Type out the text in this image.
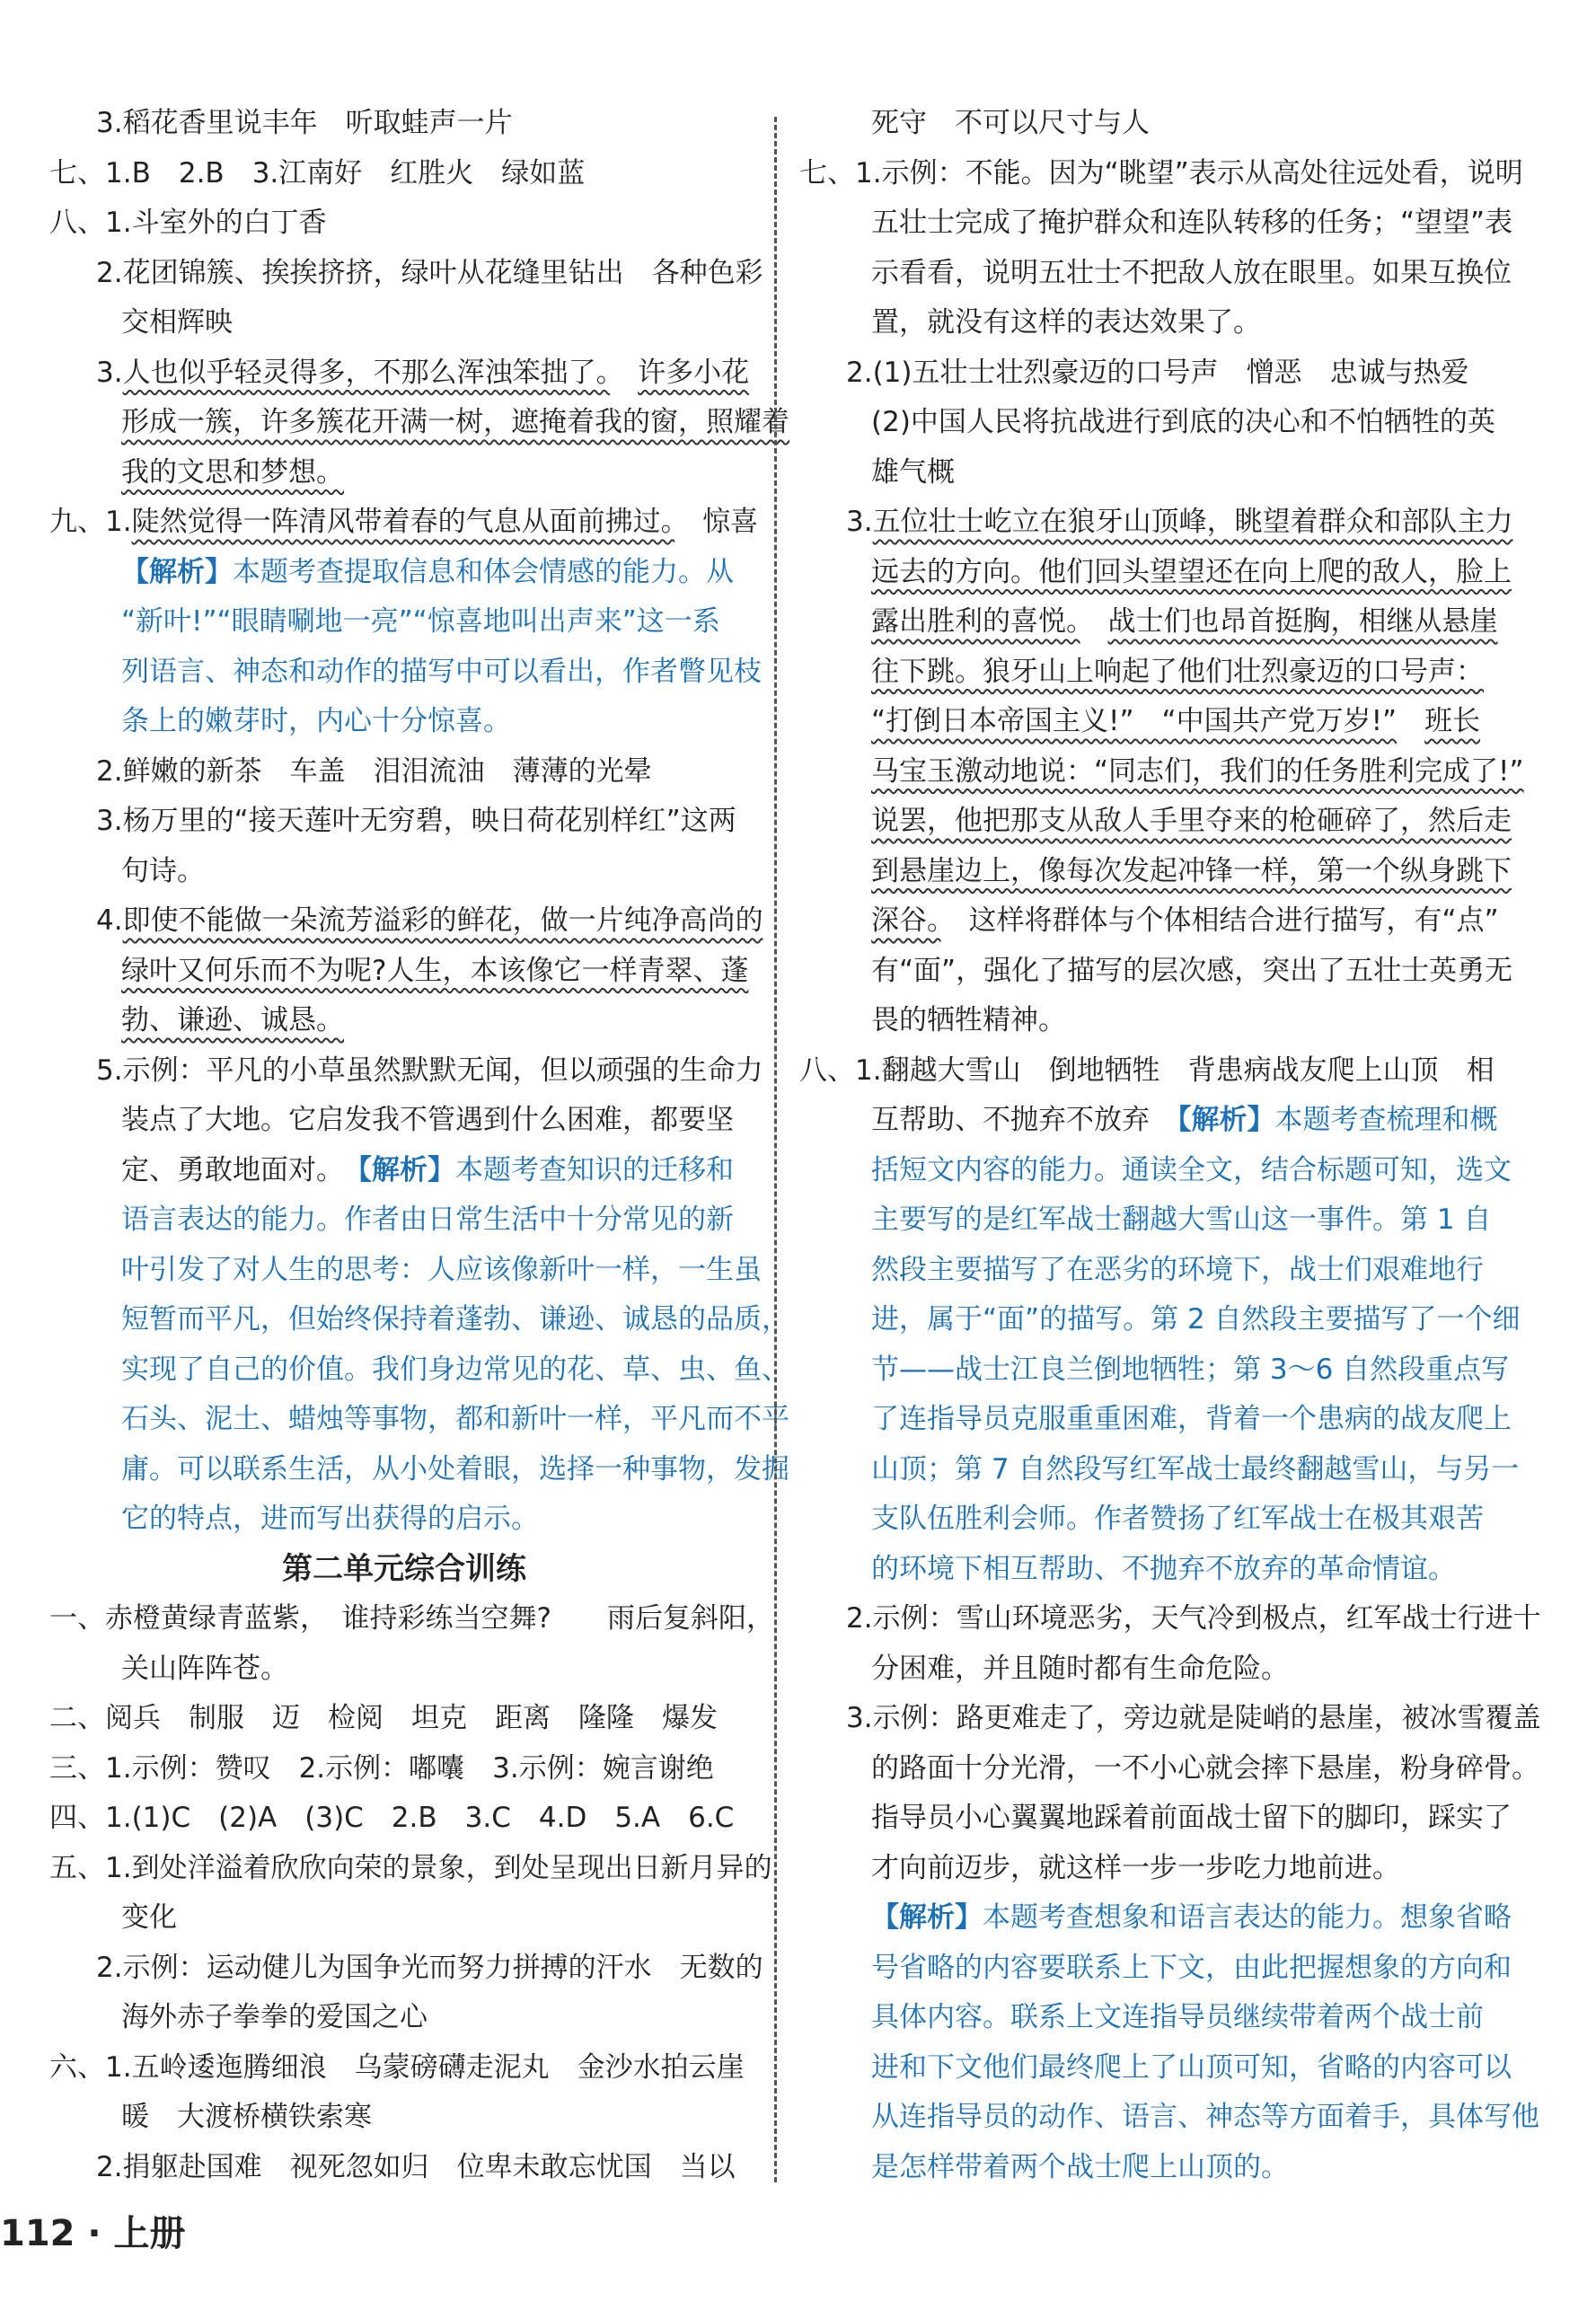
3.稻花香里说丰年　听取蛙声一片
七、1.B　2.B　3.江南好　红胜火　绿如蓝
八、1.斗室外的白丁香
2.花团锦簇、挨挨挤挤，绿叶从花缝里钻出　各种色彩
交相辉映
3.人也似乎轻灵得多，不那么浑浊笨拙了。　 许多小花
形成一簇，许多簇花开满一树，遮掩着我的窗，照耀着
我的文思和梦想。
九、1.陡然觉得一阵清风带着春的气息从面前拂过。　惊喜
【解析】本题考查提取信息和体会情感的能力。从
“新叶!”“眼睛唰地一亮”“惊喜地叫出声来”这一系
列语言、神态和动作的描写中可以看出，作者瞥见枝
条上的嫩芽时，内心十分惊喜。
2.鲜嫩的新茶　车盖　泪泪流油　薄薄的光晕
3.杨万里的“接天莲叶无穷碧，映日荷花别样红”这两
句诗。
4.即使不能做一朵流芳溢彩的鲜花，做一片纯净高尚的
绿叶又何乐而不为呢?人生，本该像它一样青翠、蓬
勃、谦逊、诚恳。
5.示例：平凡的小草虽然默默无闻，但以顽强的生命力
装点了大地。它启发我不管遇到什么困难，都要坚
定、勇敢地面对。　【解析】本题考查知识的迁移和
语言表达的能力。作者由日常生活中十分常见的新
叶引发了对人生的思考：人应该像新叶一样，一生虽
短暂而平凡，但始终保持着蓬勃、谦逊、诚恳的品质，
实现了自己的价值。我们身边常见的花、草、虫、鱼、
石头、泥土、蜡烛等事物，都和新叶一样，平凡而不平
庸。可以联系生活，从小处着眼，选择一种事物，发掘
它的特点，进而写出获得的启示。
第二单元综合训练
一、赤橙黄绿青蓝紫，　谁持彩练当空舞?　　雨后复斜阳，
关山阵阵苍。
二、阅兵　制服　迈　检阅　坦克　距离　隆隆　爆发
三、1.示例：赞叹　2.示例：嘟囔　3.示例：婉言谢绝
四、1.(1)C　(2)A　(3)C　2.B　3.C　4.D　5.A　6.C
五、1.到处洋溢着欣欣向荣的景象，到处呈现出日新月异的
变化
2.示例：运动健儿为国争光而努力拼搏的汗水　无数的
海外赤子拳拳的爱国之心
六、1.五岭逶迤腾细浪　乌蒙磅礴走泥丸　金沙水拍云崖
暖　大渡桥横铁索寒
2.捐躯赴国难　视死忽如归　位卑未敢忘忧国　当以
死守　不可以尺寸与人
七、1.示例：不能。因为“眺望”表示从高处往远处看，说明
五壮士完成了掩护群众和连队转移的任务；“望望”表
示看看，说明五壮士不把敌人放在眼里。如果互换位
置，就没有这样的表达效果了。
2.(1)五壮士壮烈豪迈的口号声　憎恶　忠诚与热爱
(2)中国人民将抗战进行到底的决心和不怕牺牲的英
雄气概
3.五位壮士屹立在狼牙山顶峰，眺望着群众和部队主力
远去的方向。他们回头望望还在向上爬的敌人，脸上
露出胜利的喜悦。　 战士们也昂首挺胸，相继从悬崖
往下跳。狼牙山上响起了他们壮烈豪迈的口号声：
“打倒日本帝国主义!”　“中国共产党万岁!”　 班长
马宝玉激动地说：“同志们，我们的任务胜利完成了!”
说罢，他把那支从敌人手里夺来的枪砸碎了，然后走
到悬崖边上，像每次发起冲锋一样，第一个纵身跳下
深谷。　这样将群体与个体相结合进行描写，有“点”
有“面”，强化了描写的层次感，突出了五壮士英勇无
畏的牺牲精神。
八、1.翻越大雪山　倒地牺牲　背患病战友爬上山顶　相
互帮助、不抛弃不放弃　【解析】本题考查梳理和概
括短文内容的能力。通读全文，结合标题可知，选文
主要写的是红军战士翻越大雪山这一事件。第 1 自
然段主要描写了在恶劣的环境下，战士们艰难地行
进，属于“面”的描写。第 2 自然段主要描写了一个细
节——战士江良兰倒地牺牲；第 3～6 自然段重点写
了连指导员克服重重困难，背着一个患病的战友爬上
山顶；第 7 自然段写红军战士最终翻越雪山，与另一
支队伍胜利会师。作者赞扬了红军战士在极其艰苦
的环境下相互帮助、不抛弃不放弃的革命情谊。
2.示例：雪山环境恶劣，天气冷到极点，红军战士行进十
分困难，并且随时都有生命危险。
3.示例：路更难走了，旁边就是陡峭的悬崖，被冰雪覆盖
的路面十分光滑，一不小心就会摔下悬崖，粉身碎骨。
指导员小心翼翼地踩着前面战士留下的脚印，踩实了
才向前迈步，就这样一步一步吃力地前进。
【解析】本题考查想象和语言表达的能力。想象省略
号省略的内容要联系上下文，由此把握想象的方向和
具体内容。联系上文连指导员继续带着两个战士前
进和下文他们最终爬上了山顶可知，省略的内容可以
从连指导员的动作、语言、神态等方面着手，具体写他
是怎样带着两个战士爬上山顶的。
112 · 上册
